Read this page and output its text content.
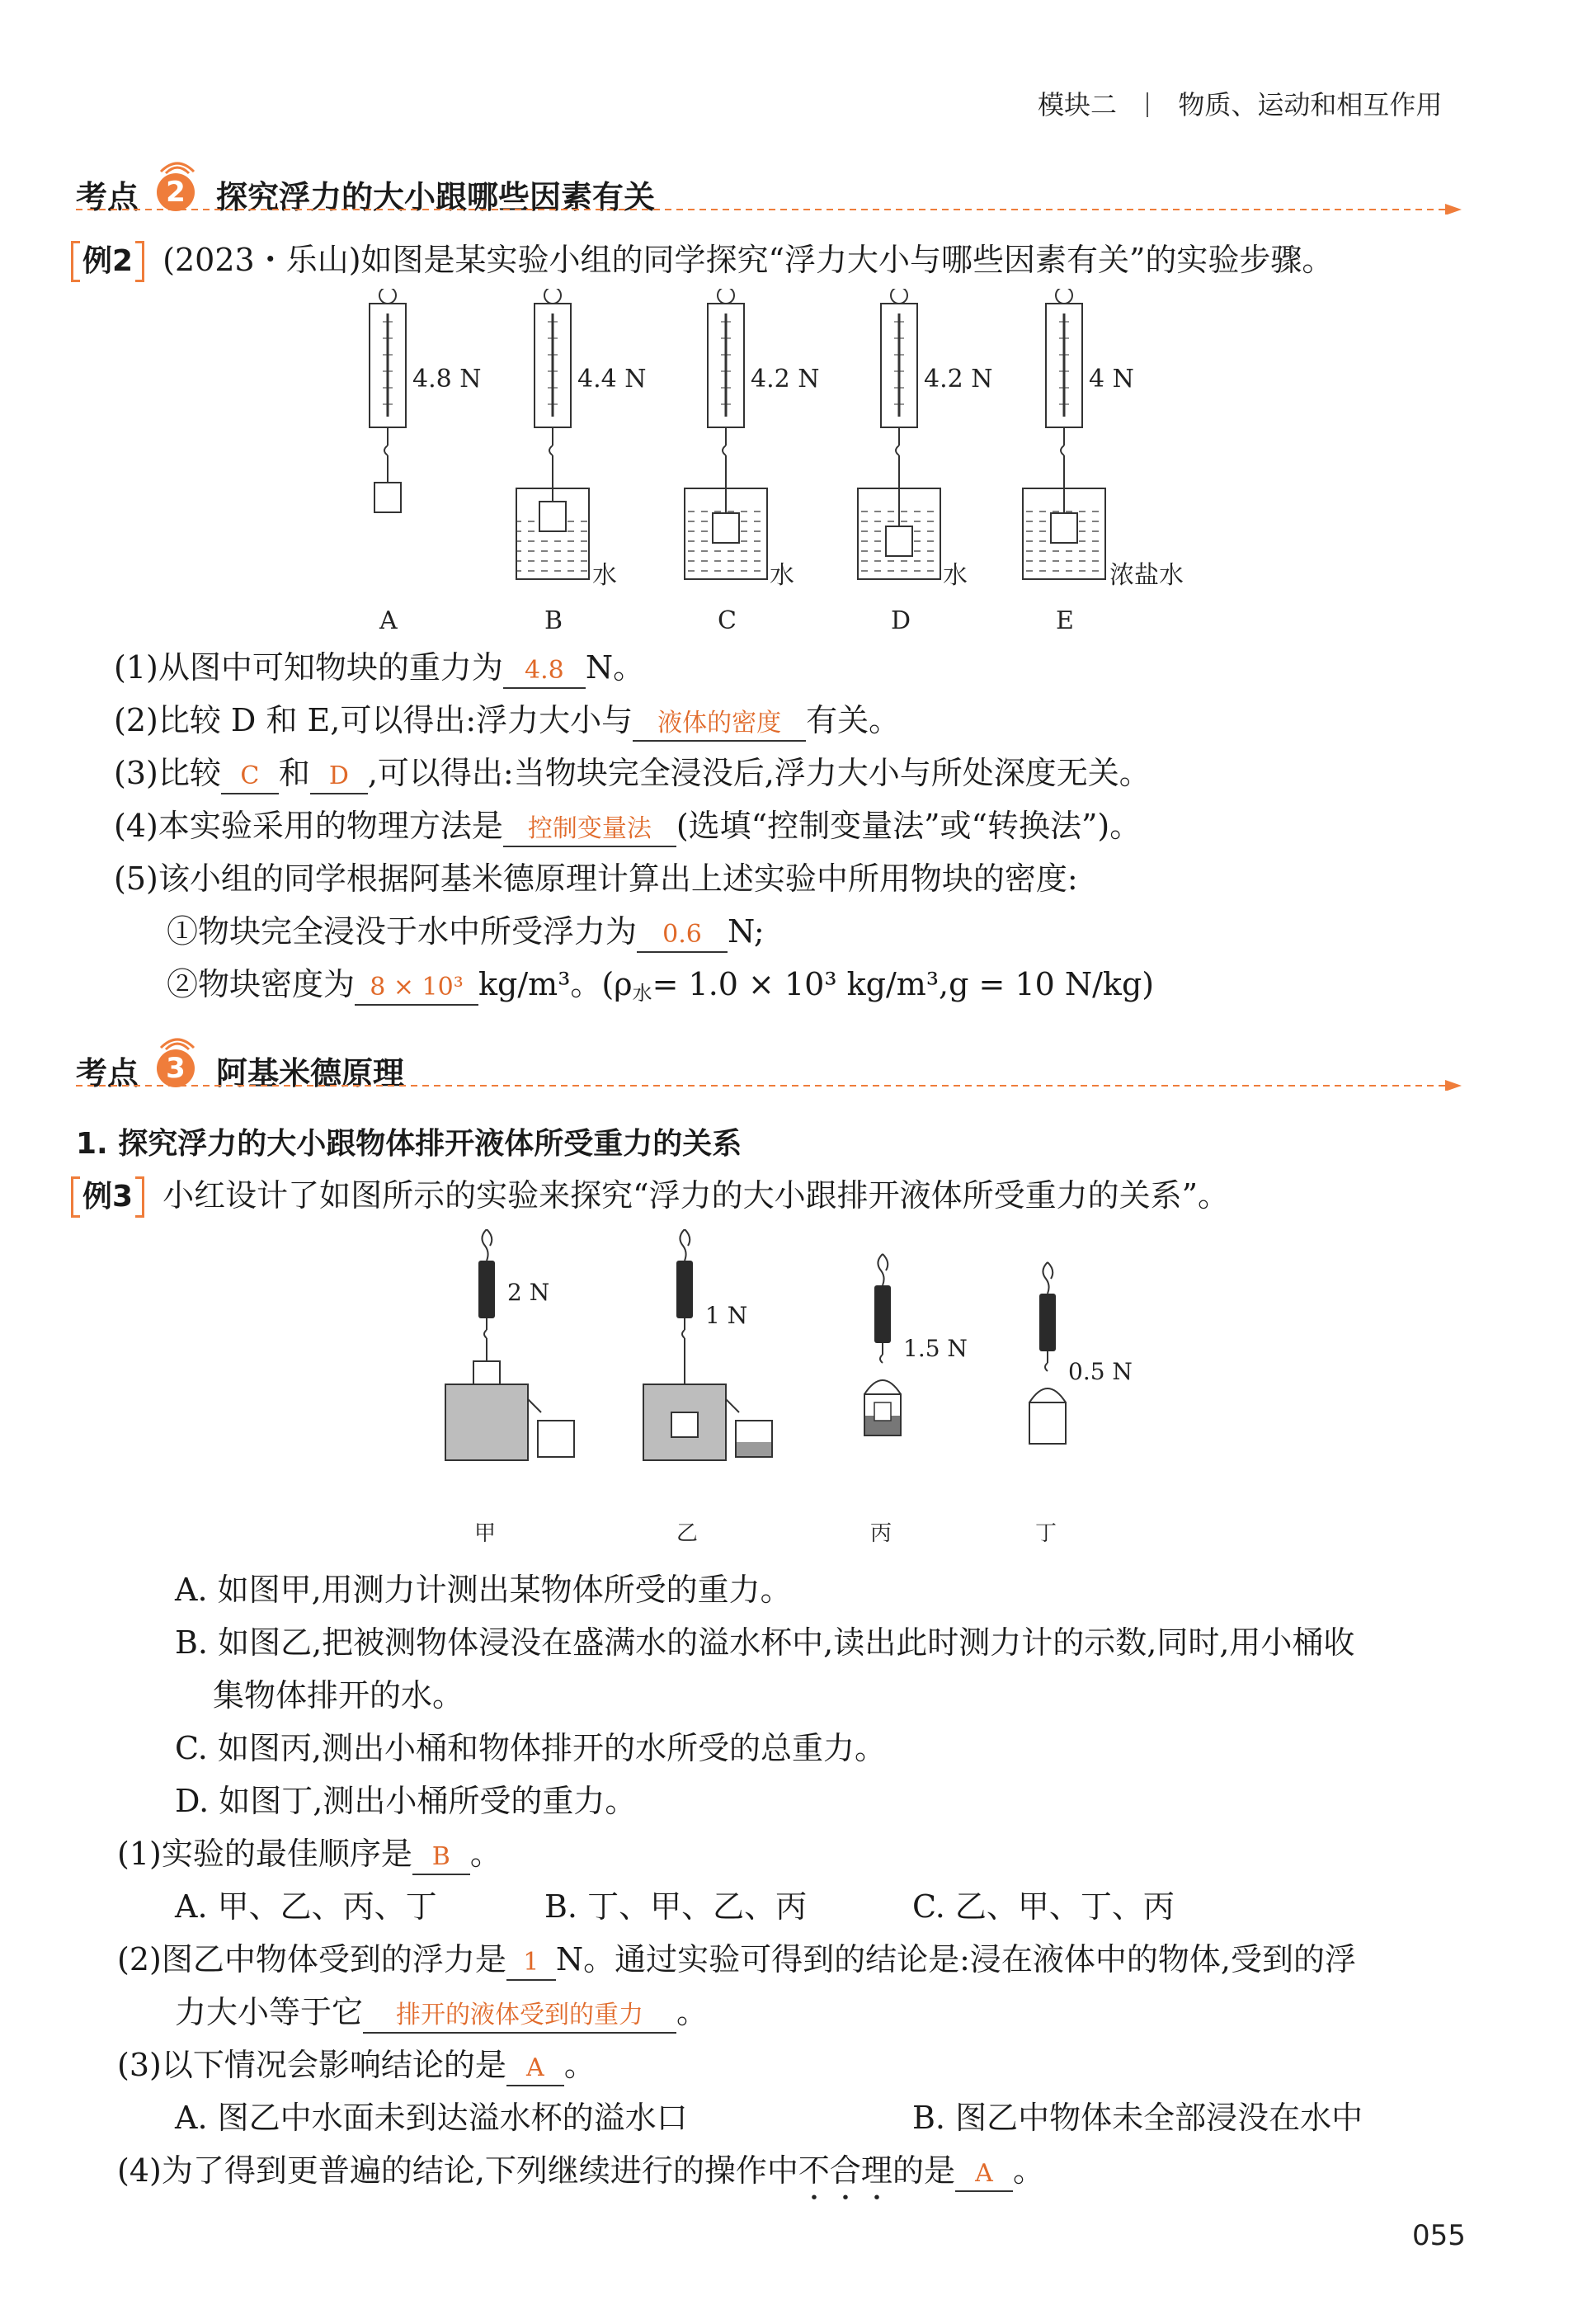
模块二 物质、运动和相互作用
考点 2 探究浮力的大小跟哪些因素有关
例2 (2023・乐山)如图是某实验小组的同学探究“浮力大小与哪些因素有关”的实验步骤。
4.8 N	4.4 N	4.2 N	4.2 N	4 N
水	水	水	浓盐水
A	B	C	D	E
(1)从图中可知物块的重力为 4.8 N。
(2)比较 D 和 E,可以得出:浮力大小与 液体的密度 有关。
(3)比较 C 和 D ,可以得出:当物块完全浸没后,浮力大小与所处深度无关。
(4)本实验采用的物理方法是 控制变量法 (选填“控制变量法”或“转换法”)。
(5)该小组的同学根据阿基米德原理计算出上述实验中所用物块的密度:
①物块完全浸没于水中所受浮力为 0.6 N;
②物块密度为 8 × 10³ kg/m³。($\rho_水= 1.0 \times 10^3$ kg/m³,g = 10 N/kg)
考点 3 阿基米德原理
1. 探究浮力的大小跟物体排开液体所受重力的关系
例3 小红设计了如图所示的实验来探究“浮力的大小跟排开液体所受重力的关系”。
2 N
1 N
1.5 N
0.5 N
甲	乙	丙	丁
A. 如图甲,用测力计测出某物体所受的重力。
B. 如图乙,把被测物体浸没在盛满水的溢水杯中,读出此时测力计的示数,同时,用小桶收
集物体排开的水。
C. 如图丙,测出小桶和物体排开的水所受的总重力。
D. 如图丁,测出小桶所受的重力。
(1)实验的最佳顺序是 B 。
A. 甲、乙、丙、丁	B. 丁、甲、乙、丙	C. 乙、甲、丁、丙
(2)图乙中物体受到的浮力是 1 N。通过实验可得到的结论是:浸在液体中的物体,受到的浮
力大小等于它 排开的液体受到的重力 。
(3)以下情况会影响结论的是 A 。
A. 图乙中水面未到达溢水杯的溢水口	B. 图乙中物体未全部浸没在水中
(4)为了得到更普遍的结论,下列继续进行的操作中不合理的是 A 。
055
